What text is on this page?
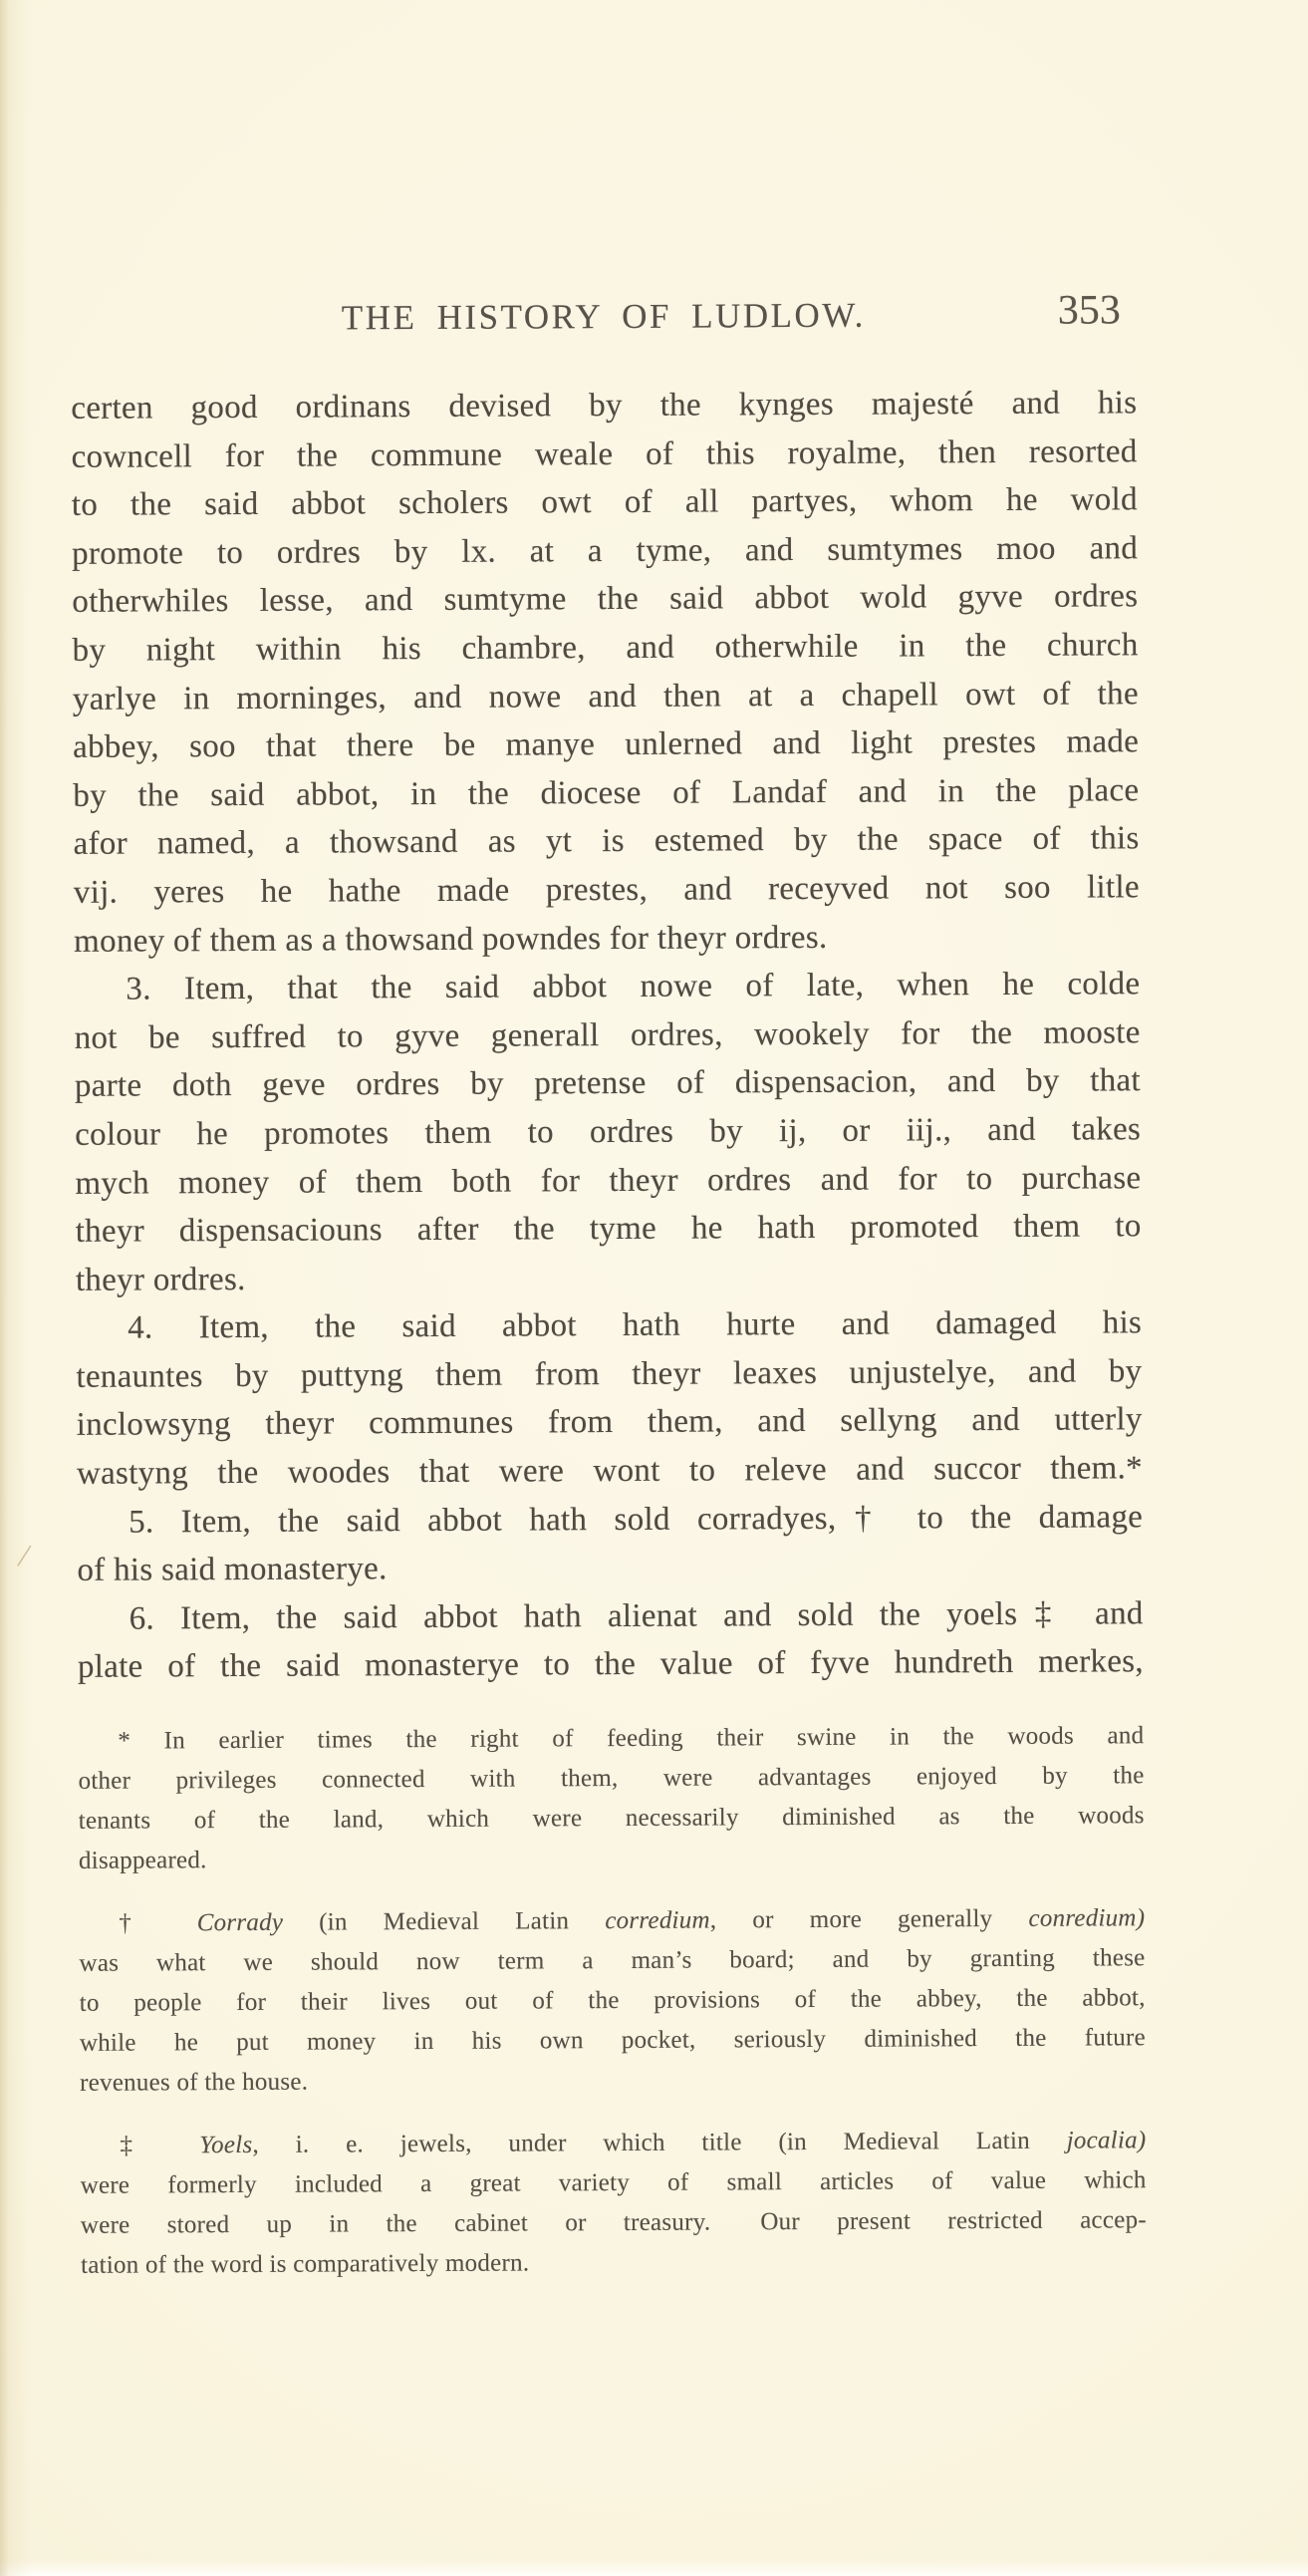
THE HISTORY OF LUDLOW.	353
/
certen good ordinans devised by the kynges majesté and his
cowncell for the commune weale of this royalme, then resorted
to the said abbot scholers owt of all partyes, whom he wold
promote to ordres by lx. at a tyme, and sumtymes moo and
otherwhiles lesse, and sumtyme the said abbot wold gyve ordres
by night within his chambre, and otherwhile in the church
yarlye in morninges, and nowe and then at a chapell owt of the
abbey, soo that there be manye unlerned and light prestes made
by the said abbot, in the diocese of Landaf and in the place
afor named, a thowsand as yt is estemed by the space of this
vij. yeres he hathe made prestes, and receyved not soo litle
money of them as a thowsand powndes for theyr ordres.
3. Item, that the said abbot nowe of late, when he colde
not be suffred to gyve generall ordres, wookely for the mooste
parte doth geve ordres by pretense of dispensacion, and by that
colour he promotes them to ordres by ij, or iij., and takes
mych money of them both for theyr ordres and for to purchase
theyr dispensaciouns after the tyme he hath promoted them to
theyr ordres.
4. Item, the said abbot hath hurte and damaged his
tenauntes by puttyng them from theyr leaxes unjustelye, and by
inclowsyng theyr communes from them, and sellyng and utterly
wastyng the woodes that were wont to releve and succor them.*
5. Item, the said abbot hath sold corradyes,† to the damage
of his said monasterye.
6. Item, the said abbot hath alienat and sold the yoels‡ and
plate of the said monasterye to the value of fyve hundreth merkes,
* In earlier times the right of feeding their swine in the woods and
other privileges connected with them, were advantages enjoyed by the
tenants of the land, which were necessarily diminished as the woods
disappeared.
† Corrady (in Medieval Latin corredium, or more generally conredium)
was what we should now term a man’s board; and by granting these
to people for their lives out of the provisions of the abbey, the abbot,
while he put money in his own pocket, seriously diminished the future
revenues of the house.
‡ Yoels, i. e. jewels, under which title (in Medieval Latin jocalia)
were formerly included a great variety of small articles of value which
were stored up in the cabinet or treasury.  Our present restricted accep-
tation of the word is comparatively modern.
